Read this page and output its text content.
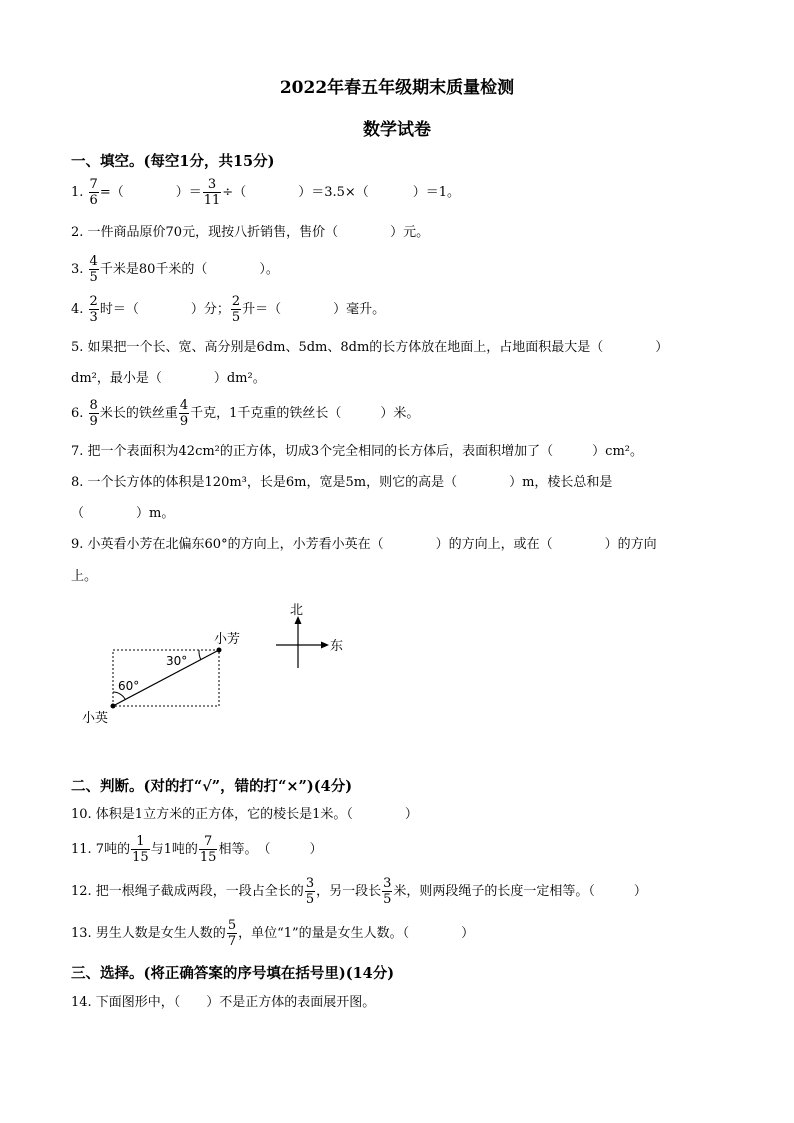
2022年春五年级期末质量检测
数学试卷
一、填空。(每空1分，共15分)
1. $\frac{7}{6}$ =（	）＝ $\frac{3}{11}$ ÷（	）＝3.5×（	）＝1。
2. 一件商品原价70元，现按八折销售，售价（　　　　）元。
3. $\frac{4}{5}$ 千米是80千米的（　　　　）。
4. $\frac{2}{3}$ 时＝（　　　　）分； $\frac{2}{5}$ 升＝（　　　　）毫升。
5. 如果把一个长、宽、高分别是6dm、5dm、8dm的长方体放在地面上，占地面积最大是（　　　　）
dm²，最小是（　　　　）dm²。
6. $\frac{8}{9}$ 米长的铁丝重 $\frac{4}{9}$ 千克，1千克重的铁丝长（　　　）米。
7. 把一个表面积为42cm²的正方体，切成3个完全相同的长方体后，表面积增加了（　　　）cm²。
8. 一个长方体的体积是120m³，长是6m，宽是5m，则它的高是（　　　　）m，棱长总和是
（　　　　）m。
9. 小英看小芳在北偏东60°的方向上，小芳看小英在（　　　　）的方向上，或在（　　　　）的方向
上。
30°
60°
小芳
小英
北
东
二、判断。(对的打“√”，错的打“×”)(4分)
10. 体积是1立方米的正方体，它的棱长是1米。（　　　　）
11. 7吨的 $\frac{1}{15}$ 与1吨的 $\frac{7}{15}$ 相等。　（　　　）
12. 把一根绳子截成两段，一段占全长的 $\frac{3}{5}$ ，另一段长 $\frac{3}{5}$ 米，则两段绳子的长度一定相等。（　　　）
13. 男生人数是女生人数的 $\frac{5}{7}$ ，单位“1”的量是女生人数。（　　　　）
三、选择。(将正确答案的序号填在括号里)(14分)
14. 下面图形中，（　　）不是正方体的表面展开图。
